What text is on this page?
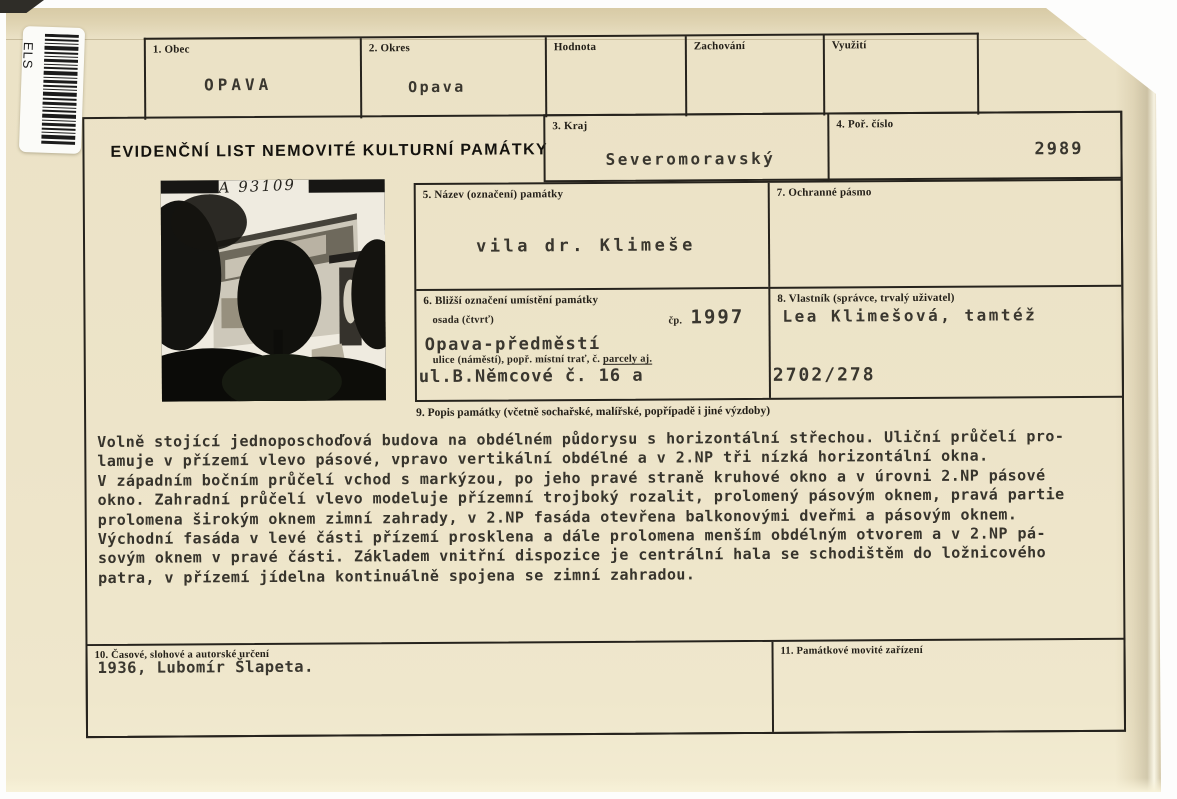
ELS	1. Obec
OPAVA
2. Okres
Opava
Hodnota	Zachování	Využití
EVIDENČNÍ LIST NEMOVITÉ KULTURNÍ PAMÁTKY
3. Kraj
Severomoravský
4. Poř. číslo
2989
A 93109	5. Název (označení) památky
vila dr. Klimeše
7. Ochranné pásmo
6. Bližší označení umístění památky
osada (čtvrť)	čp. 1997
Opava-předměstí
ulice (náměstí), popř. místní trať, č. parcely aj.
ul.B.Němcové č. 16 a	2702/278
8. Vlastník (správce, trvalý uživatel)
Lea Klimešová, tamtéž
9. Popis památky (včetně sochařské, malířské, popřípadě i jiné výzdoby)
Volně stojící jednoposchoďová budova na obdélném půdorysu s horizontální střechou. Uliční průčelí pro-
lamuje v přízemí vlevo pásové, vpravo vertikální obdélné a v 2.NP tři nízká horizontální okna.
V západním bočním průčelí vchod s markýzou, po jeho pravé straně kruhové okno a v úrovni 2.NP pásové
okno. Zahradní průčelí vlevo modeluje přízemní trojboký rozalit, prolomený pásovým oknem, pravá partie
prolomena širokým oknem zimní zahrady, v 2.NP fasáda otevřena balkonovými dveřmi a pásovým oknem.
Východní fasáda v levé části přízemí prosklena a dále prolomena menším obdélným otvorem a v 2.NP pá-
sovým oknem v pravé části. Základem vnitřní dispozice je centrální hala se schodištěm do ložnicového
patra, v přízemí jídelna kontinuálně spojena se zimní zahradou.
10. Časové, slohové a autorské určení
1936, Lubomír Šlapeta.
11. Památkové movité zařízení
